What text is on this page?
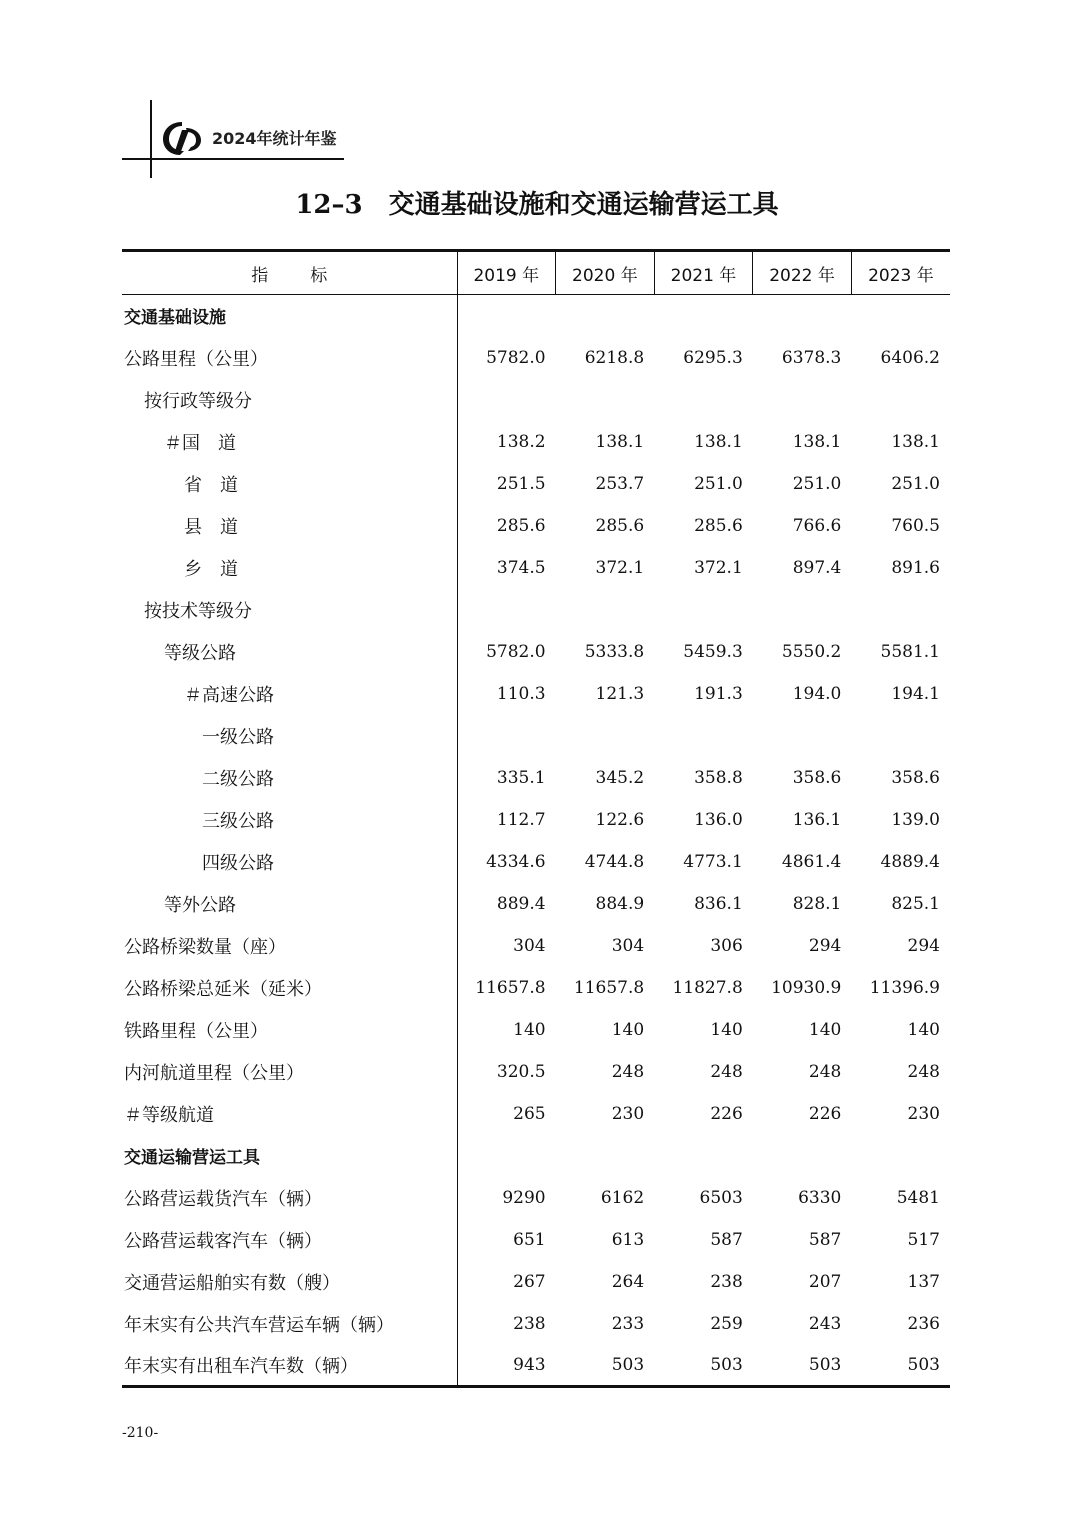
2024年统计年鉴
12–3 交通基础设施和交通运输营运工具
指 标	2019 年	2020 年	2021 年	2022 年	2023 年
交通基础设施					
公路里程（公里）	5782.0	6218.8	6295.3	6378.3	6406.2
按行政等级分					
＃国　道	138.2	138.1	138.1	138.1	138.1
省　道	251.5	253.7	251.0	251.0	251.0
县　道	285.6	285.6	285.6	766.6	760.5
乡　道	374.5	372.1	372.1	897.4	891.6
按技术等级分					
等级公路	5782.0	5333.8	5459.3	5550.2	5581.1
＃高速公路	110.3	121.3	191.3	194.0	194.1
一级公路					
二级公路	335.1	345.2	358.8	358.6	358.6
三级公路	112.7	122.6	136.0	136.1	139.0
四级公路	4334.6	4744.8	4773.1	4861.4	4889.4
等外公路	889.4	884.9	836.1	828.1	825.1
公路桥梁数量（座）	304	304	306	294	294
公路桥梁总延米（延米）	11657.8	11657.8	11827.8	10930.9	11396.9
铁路里程（公里）	140	140	140	140	140
内河航道里程（公里）	320.5	248	248	248	248
＃等级航道	265	230	226	226	230
交通运输营运工具					
公路营运载货汽车（辆）	9290	6162	6503	6330	5481
公路营运载客汽车（辆）	651	613	587	587	517
交通营运船舶实有数（艘）	267	264	238	207	137
年末实有公共汽车营运车辆（辆）	238	233	259	243	236
年末实有出租车汽车数（辆）	943	503	503	503	503
-210-
